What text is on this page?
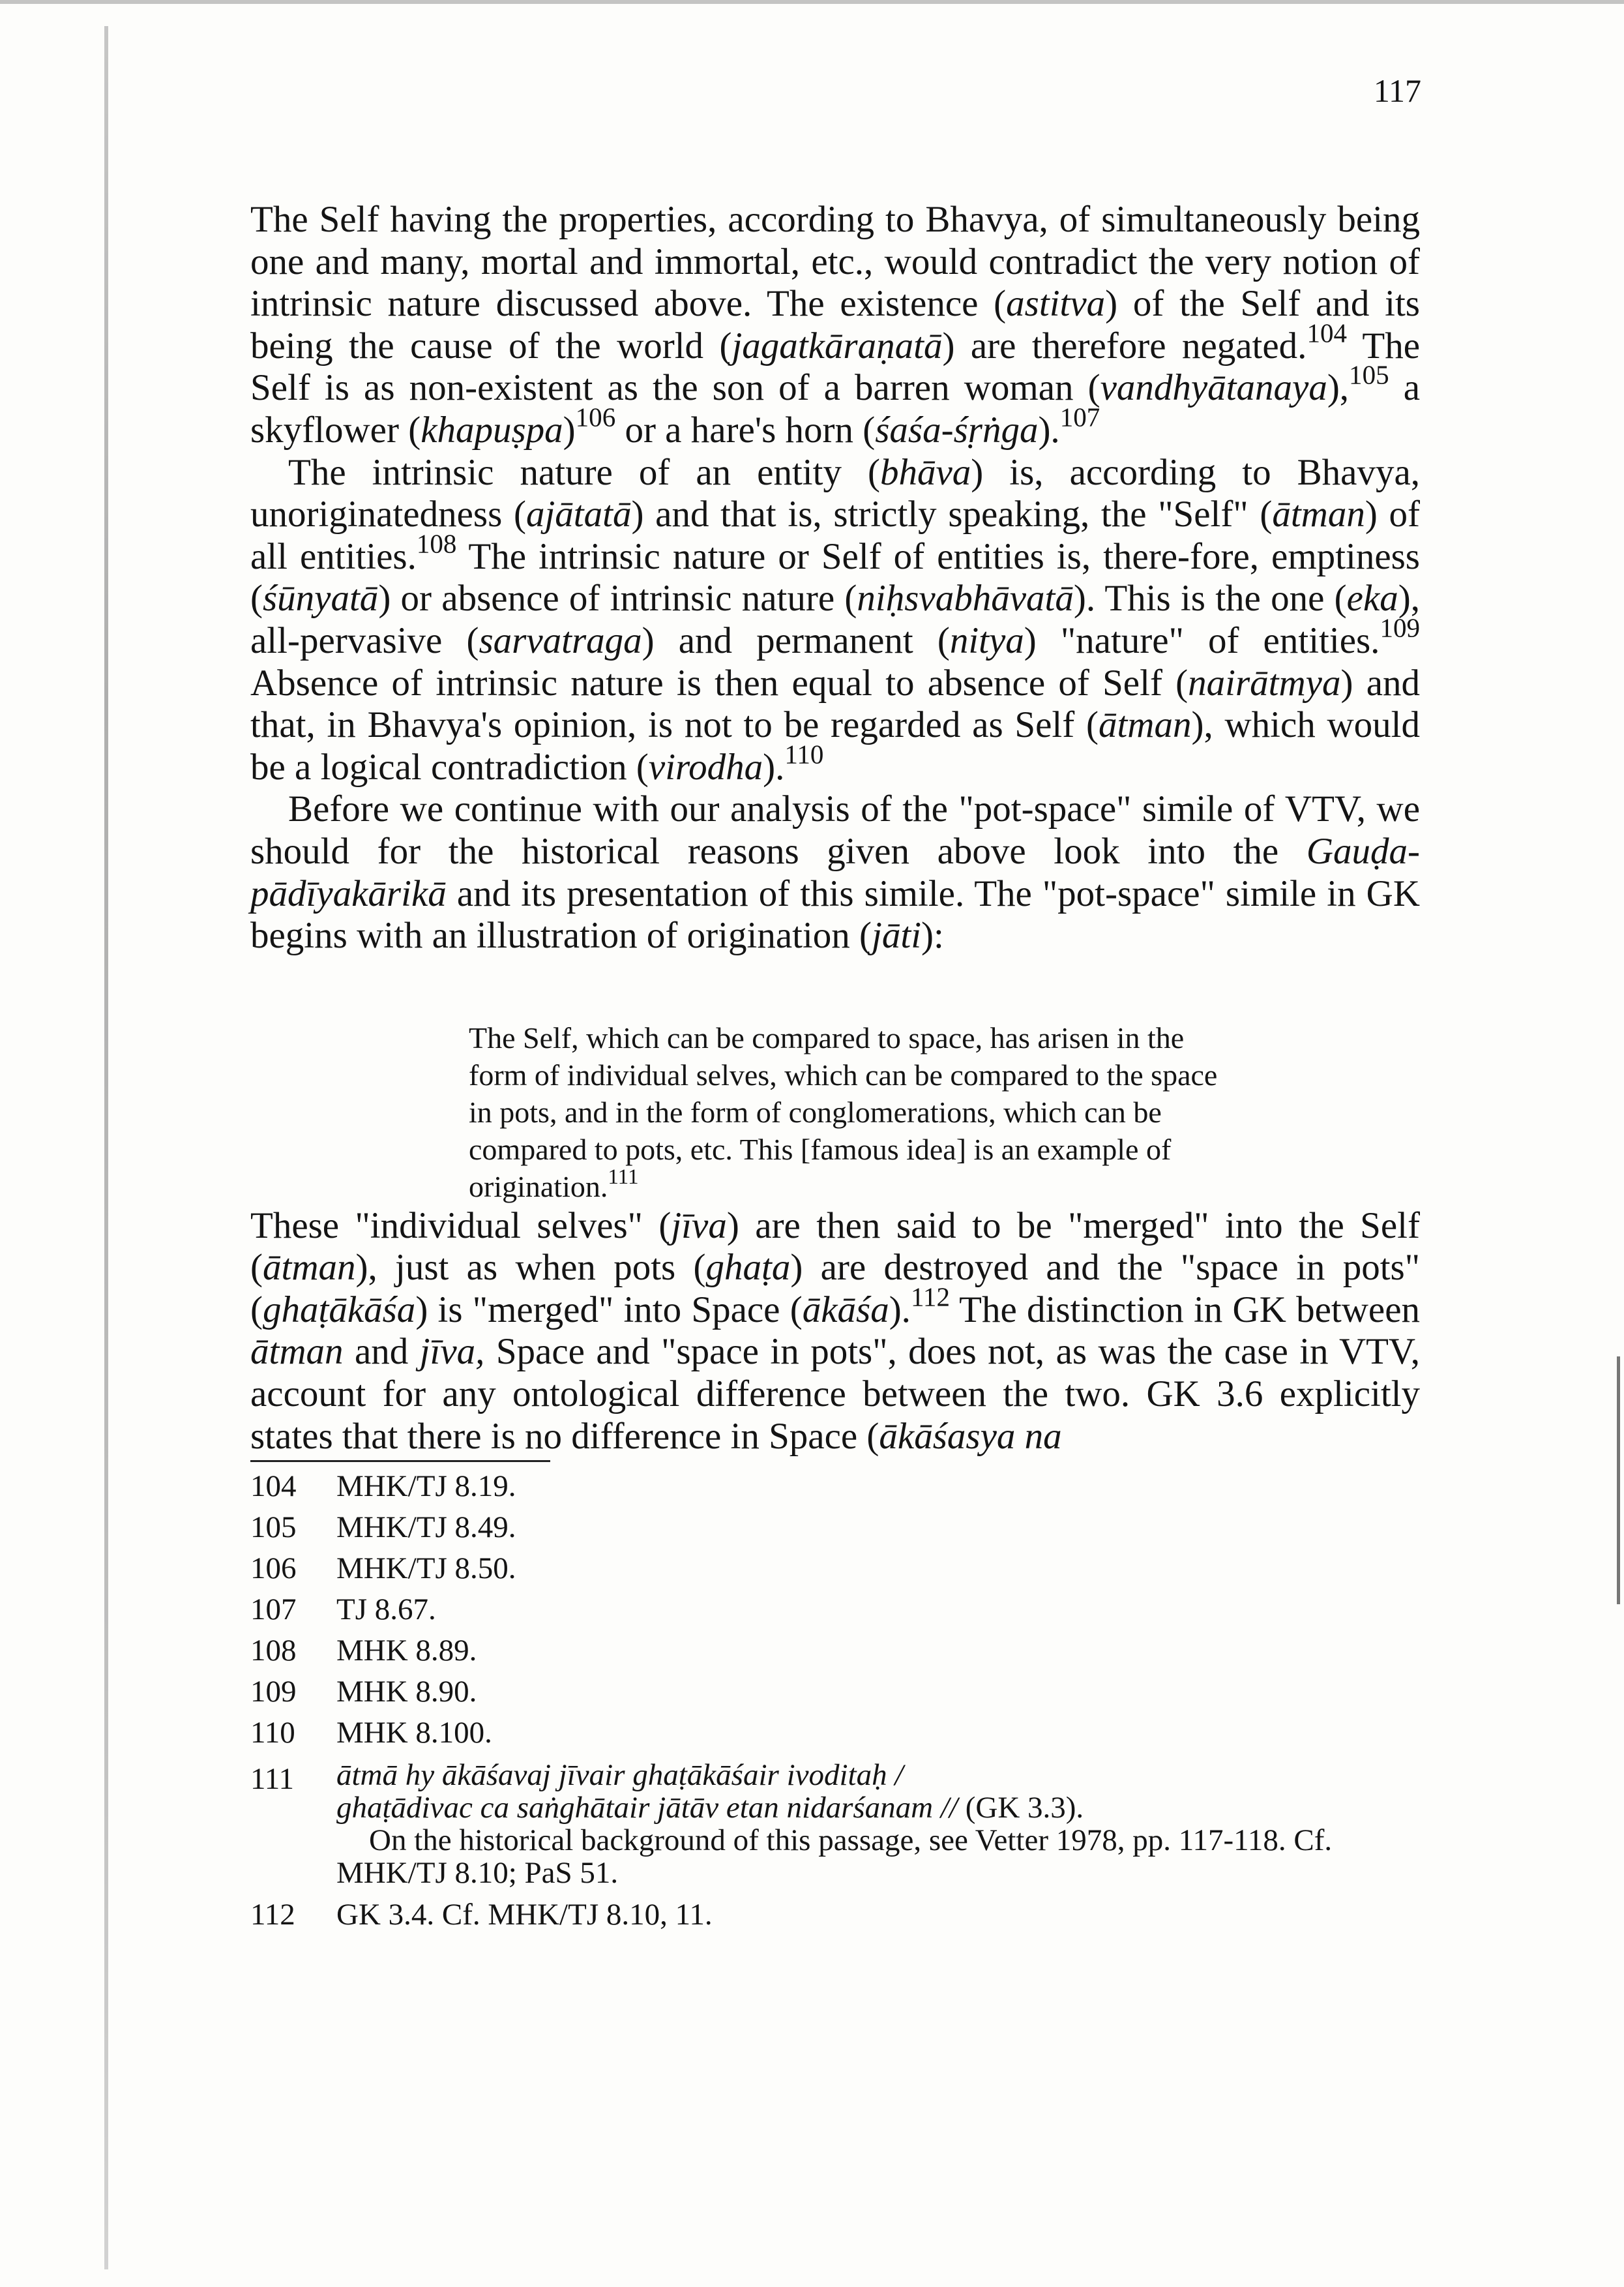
117

The Self having the properties, according to Bhavya, of simultaneously being one and many, mortal and immortal, etc., would contradict the very notion of intrinsic nature discussed above. The existence (astitva) of the Self and its being the cause of the world (jagatkāraṇatā) are therefore negated.$^{104}$ The Self is as non-existent as the son of a barren woman (vandhyātanaya),$^{105}$ a skyflower (khapuṣpa)$^{106}$ or a hare's horn (śaśa-śṛṅga).$^{107}$

The intrinsic nature of an entity (bhāva) is, according to Bhavya, unoriginatedness (ajātatā) and that is, strictly speaking, the "Self" (ātman) of all entities.$^{108}$ The intrinsic nature or Self of entities is, there-fore, emptiness (śūnyatā) or absence of intrinsic nature (niḥsvabhāvatā). This is the one (eka), all-pervasive (sarvatraga) and permanent (nitya) "nature" of entities.$^{109}$ Absence of intrinsic nature is then equal to absence of Self (nairātmya) and that, in Bhavya's opinion, is not to be regarded as Self (ātman), which would be a logical contradiction (virodha).$^{110}$

Before we continue with our analysis of the "pot-space" simile of VTV, we should for the historical reasons given above look into the Gauḍa-pādīyakārikā and its presentation of this simile. The "pot-space" simile in GK begins with an illustration of origination (jāti):

The Self, which can be compared to space, has arisen in the form of individual selves, which can be compared to the space in pots, and in the form of conglomerations, which can be compared to pots, etc. This [famous idea] is an example of origination.$^{111}$

These "individual selves" (jīva) are then said to be "merged" into the Self (ātman), just as when pots (ghaṭa) are destroyed and the "space in pots" (ghaṭākāśa) is "merged" into Space (ākāśa).$^{112}$ The distinction in GK between ātman and jīva, Space and "space in pots", does not, as was the case in VTV, account for any ontological difference between the two. GK 3.6 explicitly states that there is no difference in Space (ākāśasya na

104	MHK/TJ 8.19.
105	MHK/TJ 8.49.
106	MHK/TJ 8.50.
107	TJ 8.67.
108	MHK 8.89.
109	MHK 8.90.
110	MHK 8.100.
111	ātmā hy ākāśavaj jīvair ghaṭākāśair ivoditaḥ /
ghaṭādivac ca saṅghātair jātāv etan nidarśanam // (GK 3.3).
On the historical background of this passage, see Vetter 1978, pp. 117-118. Cf.
MHK/TJ 8.10; PaS 51.
112	GK 3.4. Cf. MHK/TJ 8.10, 11.
